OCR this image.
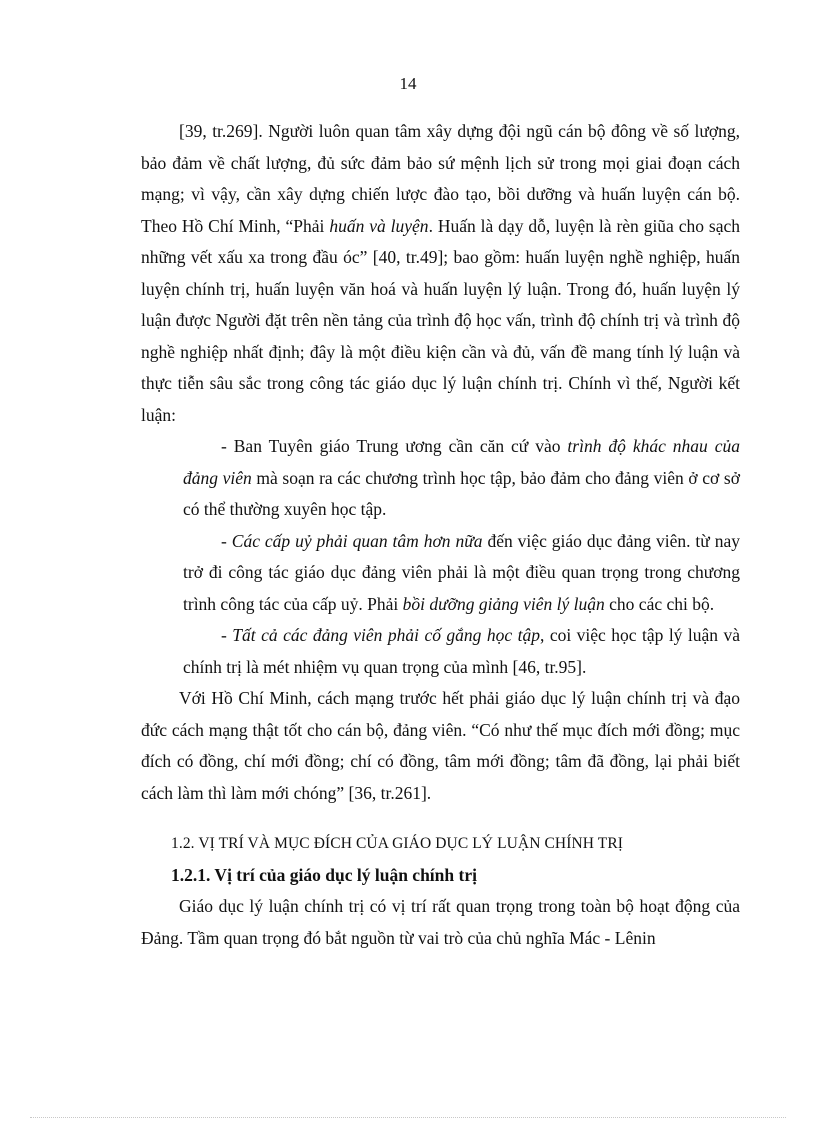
14

[39, tr.269]. Người luôn quan tâm xây dựng đội ngũ cán bộ đông về số lượng, bảo đảm về chất lượng, đủ sức đảm bảo sứ mệnh lịch sử trong mọi giai đoạn cách mạng; vì vậy, cần xây dựng chiến lược đào tạo, bồi dưỡng và huấn luyện cán bộ. Theo Hồ Chí Minh, “Phải huấn và luyện. Huấn là dạy dỗ, luyện là rèn giũa cho sạch những vết xấu xa trong đầu óc” [40, tr.49]; bao gồm: huấn luyện nghề nghiệp, huấn luyện chính trị, huấn luyện văn hoá và huấn luyện lý luận. Trong đó, huấn luyện lý luận được Người đặt trên nền tảng của trình độ học vấn, trình độ chính trị và trình độ nghề nghiệp nhất định; đây là một điều kiện cần và đủ, vấn đề mang tính lý luận và thực tiễn sâu sắc trong công tác giáo dục lý luận chính trị. Chính vì thế, Người kết luận:

- Ban Tuyên giáo Trung ương cần căn cứ vào trình độ khác nhau của đảng viên mà soạn ra các chương trình học tập, bảo đảm cho đảng viên ở cơ sở có thể thường xuyên học tập.

- Các cấp uỷ phải quan tâm hơn nữa đến việc giáo dục đảng viên. từ nay trở đi công tác giáo dục đảng viên phải là một điều quan trọng trong chương trình công tác của cấp uỷ. Phải bồi dưỡng giảng viên lý luận cho các chi bộ.

- Tất cả các đảng viên phải cố gắng học tập, coi việc học tập lý luận và chính trị là mét nhiệm vụ quan trọng của mình [46, tr.95].

Với Hồ Chí Minh, cách mạng trước hết phải giáo dục lý luận chính trị và đạo đức cách mạng thật tốt cho cán bộ, đảng viên. “Có như thế mục đích mới đồng; mục đích có đồng, chí mới đồng; chí có đồng, tâm mới đồng; tâm đã đồng, lại phải biết cách làm thì làm mới chóng” [36, tr.261].

1.2. VỊ TRÍ VÀ MỤC ĐÍCH CỦA GIÁO DỤC LÝ LUẬN CHÍNH TRỊ

1.2.1. Vị trí của giáo dục lý luận chính trị

Giáo dục lý luận chính trị có vị trí rất quan trọng trong toàn bộ hoạt động của Đảng. Tầm quan trọng đó bắt nguồn từ vai trò của chủ nghĩa Mác - Lênin
